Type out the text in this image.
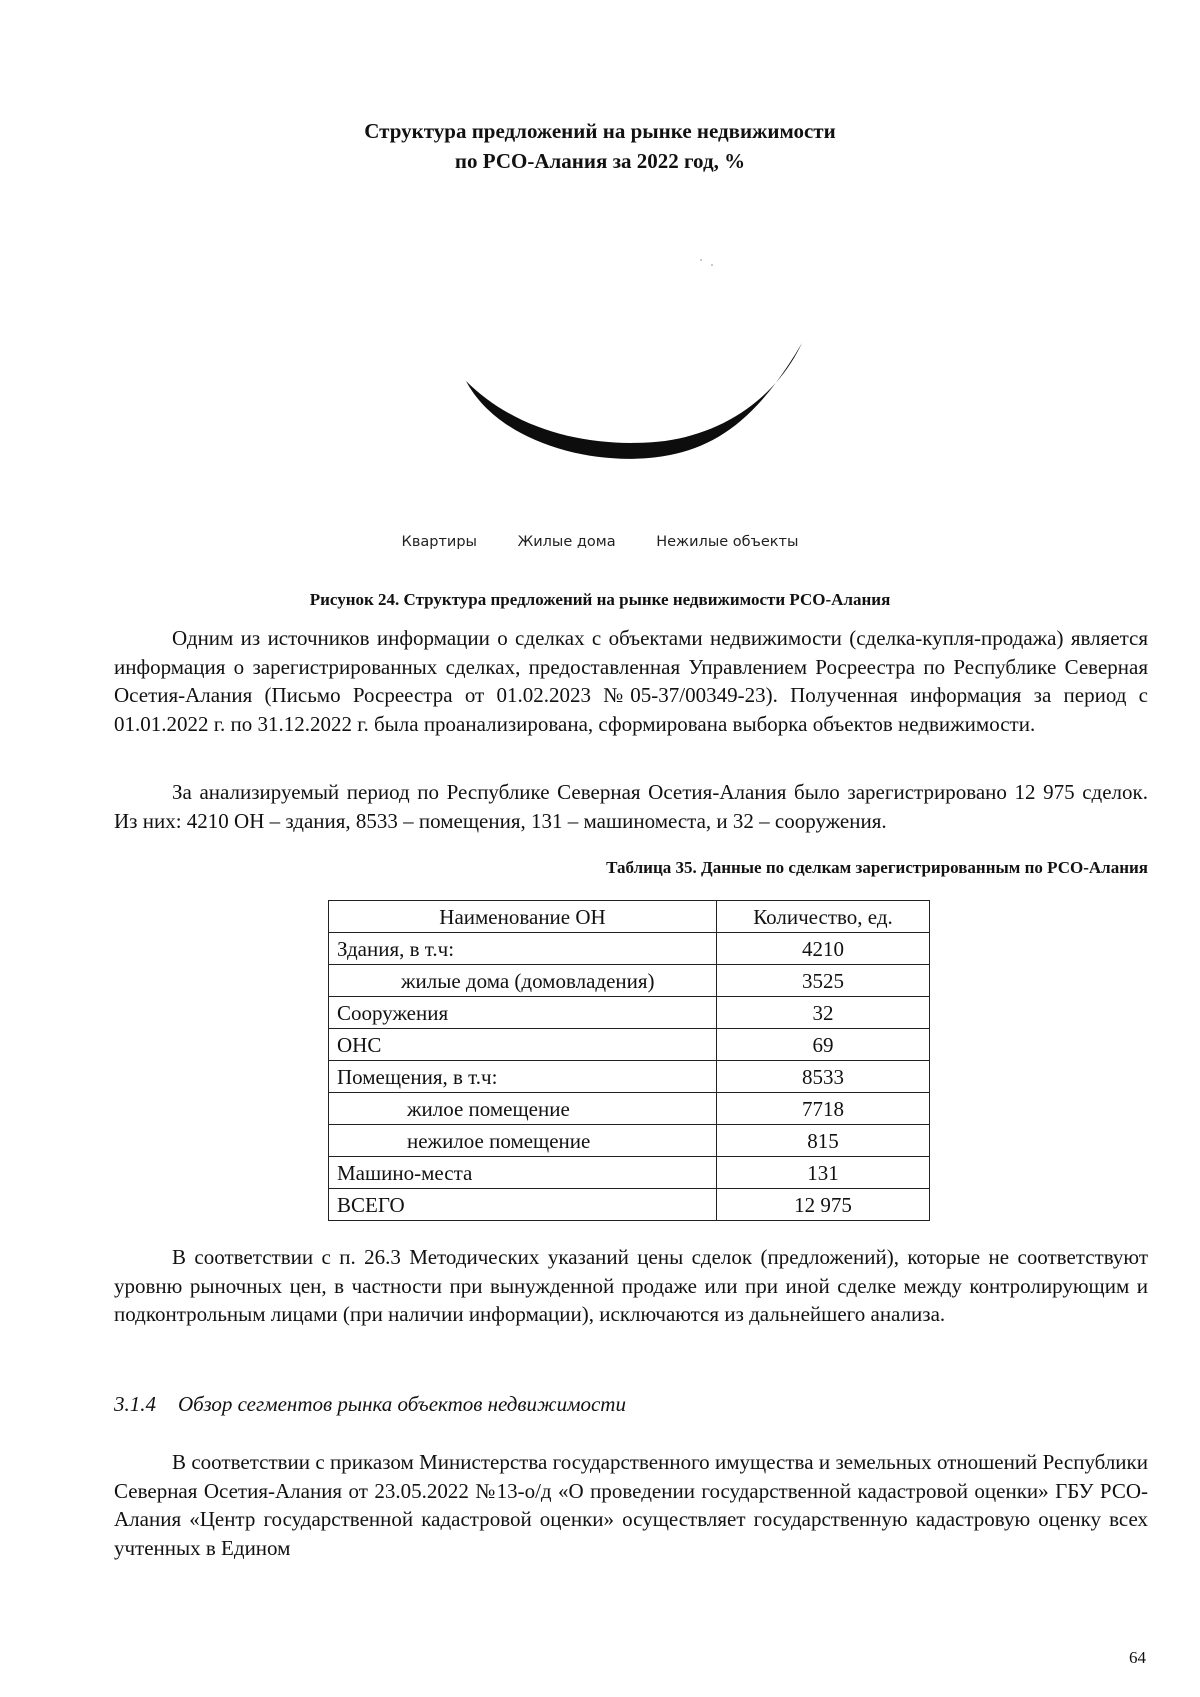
Структура предложений на рынке недвижимости
по РСО-Алания за 2022 год, %
Квартиры	Жилые дома	Нежилые объекты
Рисунок 24. Структура предложений на рынке недвижимости РСО-Алания
Одним из источников информации о сделках с объектами недвижимости (сделка-купля-продажа) является информация о зарегистрированных сделках, предоставленная Управлением Росреестра по Республике Северная Осетия-Алания (Письмо Росреестра от 01.02.2023 №05-37/00349-23). Полученная информация за период с 01.01.2022 г. по 31.12.2022 г. была проанализирована, сформирована выборка объектов недвижимости.
За анализируемый период по Республике Северная Осетия-Алания было зарегистрировано 12 975 сделок. Из них: 4210 ОН – здания, 8533 – помещения, 131 – машиноместа, и 32 – сооружения.
Таблица 35. Данные по сделкам зарегистрированным по РСО-Алания
Наименование ОН	Количество, ед.
Здания, в т.ч:	4210
жилые дома (домовладения)	3525
Сооружения	32
ОНС	69
Помещения, в т.ч:	8533
жилое помещение	7718
нежилое помещение	815
Машино-места	131
ВСЕГО	12 975
В соответствии с п. 26.3 Методических указаний цены сделок (предложений), которые не соответствуют уровню рыночных цен, в частности при вынужденной продаже или при иной сделке между контролирующим и подконтрольным лицами (при наличии информации), исключаются из дальнейшего анализа.
3.1.4 Обзор сегментов рынка объектов недвижимости
В соответствии с приказом Министерства государственного имущества и земельных отношений Республики Северная Осетия-Алания от 23.05.2022 №13-о/д «О проведении государственной кадастровой оценки» ГБУ РСО-Алания «Центр государственной кадастровой оценки» осуществляет государственную кадастровую оценку всех учтенных в Едином
64
